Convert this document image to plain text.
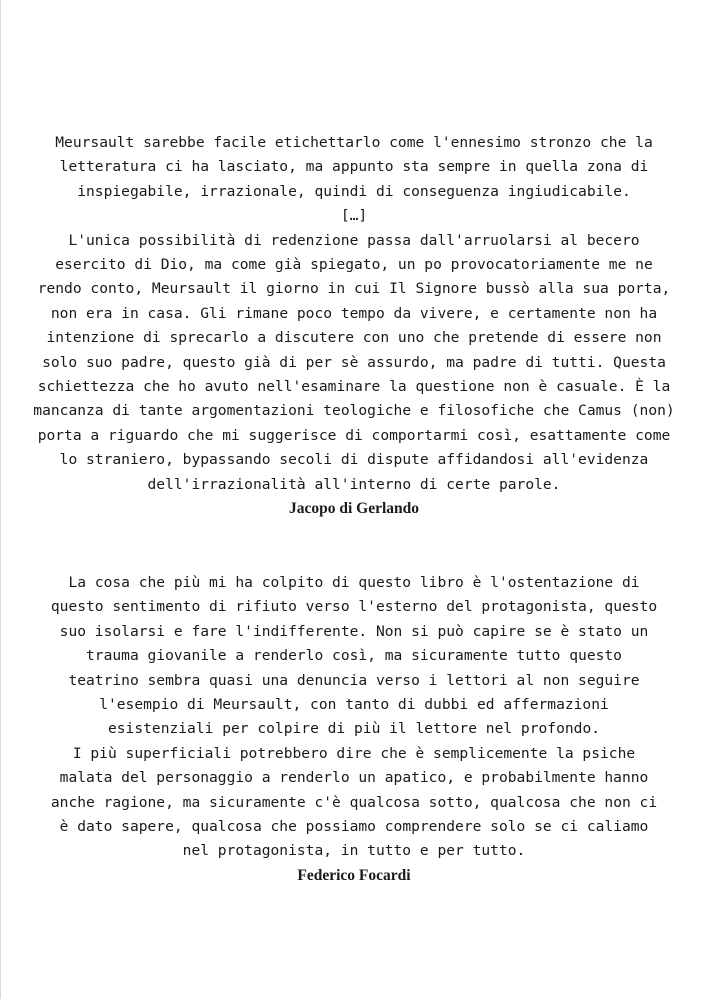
Meursault sarebbe facile etichettarlo come l'ennesimo stronzo che la
letteratura ci ha lasciato, ma appunto sta sempre in quella zona di
inspiegabile, irrazionale, quindi di conseguenza ingiudicabile.
[…]
L'unica possibilità di redenzione passa dall'arruolarsi al becero
esercito di Dio, ma come già spiegato, un po provocatoriamente me ne
rendo conto, Meursault il giorno in cui Il Signore bussò alla sua porta,
non era in casa. Gli rimane poco tempo da vivere, e certamente non ha
intenzione di sprecarlo a discutere con uno che pretende di essere non
solo suo padre, questo già di per sè assurdo, ma padre di tutti. Questa
schiettezza che ho avuto nell'esaminare la questione non è casuale. È la
mancanza di tante argomentazioni teologiche e filosofiche che Camus (non)
porta a riguardo che mi suggerisce di comportarmi così, esattamente come
lo straniero, bypassando secoli di dispute affidandosi all'evidenza
dell'irrazionalità all'interno di certe parole.
Jacopo di Gerlando
La cosa che più mi ha colpito di questo libro è l'ostentazione di
questo sentimento di rifiuto verso l'esterno del protagonista, questo
suo isolarsi e fare l'indifferente. Non si può capire se è stato un
trauma giovanile a renderlo così, ma sicuramente tutto questo
teatrino sembra quasi una denuncia verso i lettori al non seguire
l'esempio di Meursault, con tanto di dubbi ed affermazioni
esistenziali per colpire di più il lettore nel profondo.
I più superficiali potrebbero dire che è semplicemente la psiche
malata del personaggio a renderlo un apatico, e probabilmente hanno
anche ragione, ma sicuramente c'è qualcosa sotto, qualcosa che non ci
è dato sapere, qualcosa che possiamo comprendere solo se ci caliamo
nel protagonista, in tutto e per tutto.
Federico Focardi
